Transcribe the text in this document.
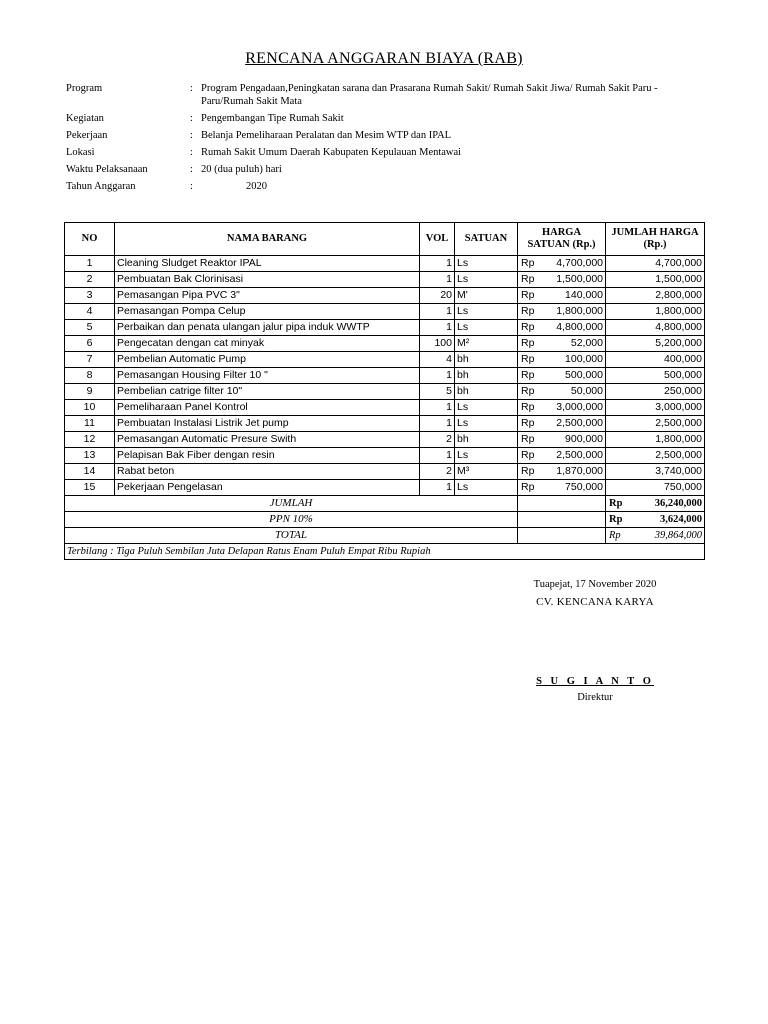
RENCANA ANGGARAN BIAYA (RAB)
Program	: Program Pengadaan,Peningkatan sarana dan Prasarana Rumah Sakit/ Rumah Sakit Jiwa/ Rumah Sakit Paru - Paru/Rumah Sakit Mata
Kegiatan	: Pengembangan Tipe Rumah Sakit
Pekerjaan	: Belanja Pemeliharaan Peralatan dan Mesim WTP dan IPAL
Lokasi	: Rumah Sakit Umum Daerah Kabupaten Kepulauan Mentawai
Waktu Pelaksanaan	: 20 (dua puluh) hari
Tahun Anggaran	:	2020
NO	NAMA BARANG	VOL	SATUAN	HARGA SATUAN (Rp.)	JUMLAH HARGA (Rp.)
1	Cleaning Sludget Reaktor IPAL	1	Ls	Rp 4,700,000	4,700,000
2	Pembuatan Bak Clorinisasi	1	Ls	Rp 1,500,000	1,500,000
3	Pemasangan Pipa PVC 3"	20	M'	Rp 140,000	2,800,000
4	Pemasangan Pompa Celup	1	Ls	Rp 1,800,000	1,800,000
5	Perbaikan dan penata ulangan jalur pipa induk WWTP	1	Ls	Rp 4,800,000	4,800,000
6	Pengecatan dengan cat minyak	100	M²	Rp 52,000	5,200,000
7	Pembelian Automatic Pump	4	bh	Rp 100,000	400,000
8	Pemasangan Housing Filter 10 "	1	bh	Rp 500,000	500,000
9	Pembelian catrige filter 10"	5	bh	Rp 50,000	250,000
10	Pemeliharaan Panel Kontrol	1	Ls	Rp 3,000,000	3,000,000
11	Pembuatan Instalasi Listrik Jet pump	1	Ls	Rp 2,500,000	2,500,000
12	Pemasangan Automatic Presure Swith	2	bh	Rp 900,000	1,800,000
13	Pelapisan Bak Fiber dengan resin	1	Ls	Rp 2,500,000	2,500,000
14	Rabat beton	2	M³	Rp 1,870,000	3,740,000
15	Pekerjaan Pengelasan	1	Ls	Rp 750,000	750,000
JUMLAH					Rp 36,240,000
PPN 10%					Rp 3,624,000
TOTAL					Rp 39,864,000
Terbilang : Tiga Puluh Sembilan Juta Delapan Ratus Enam Puluh Empat Ribu Rupiah					
Tuapejat, 17 November 2020
CV. KENCANA KARYA
S U G I A N T O
Direktur
